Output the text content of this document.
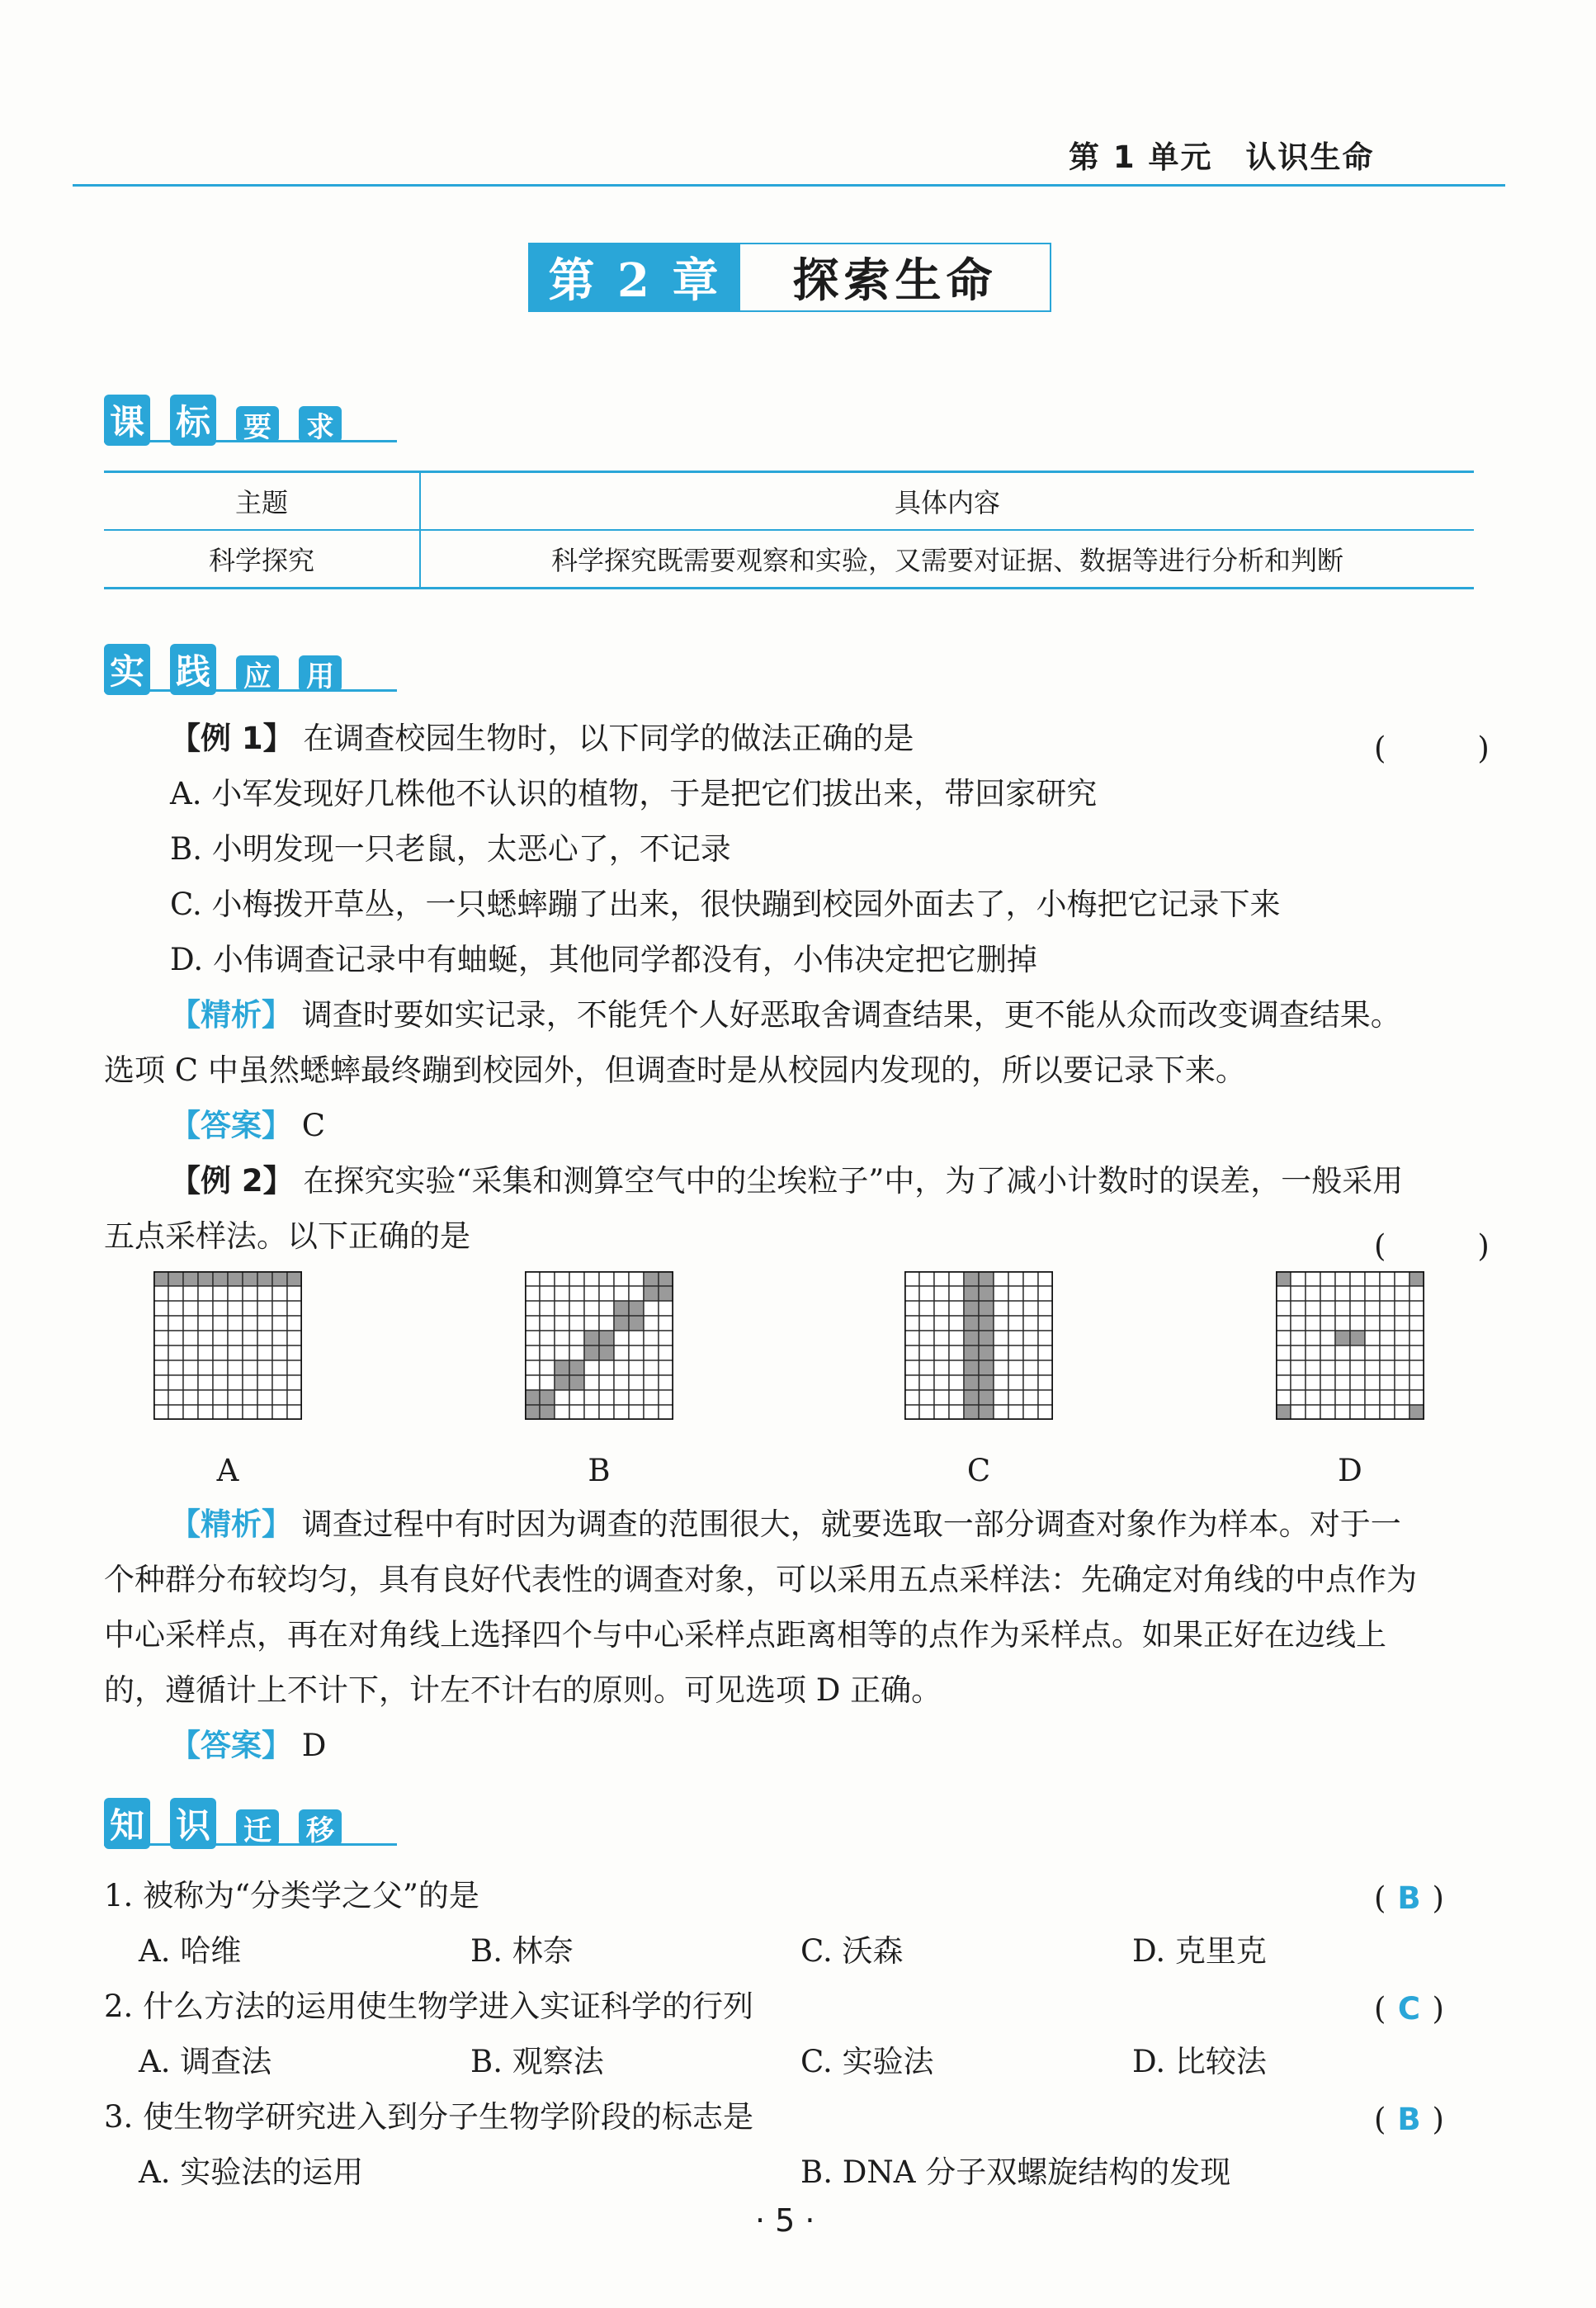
第 1 单元 认识生命
第 2 章	探索生命
课 标 要 求
主题	具体内容
科学探究	科学探究既需要观察和实验，又需要对证据、数据等进行分析和判断
实 践 应 用
【例 1】 在调查校园生物时，以下同学的做法正确的是	(　　　)
A. 小军发现好几株他不认识的植物，于是把它们拔出来，带回家研究
B. 小明发现一只老鼠，太恶心了，不记录
C. 小梅拨开草丛，一只蟋蟀蹦了出来，很快蹦到校园外面去了，小梅把它记录下来
D. 小伟调查记录中有蚰蜒，其他同学都没有，小伟决定把它删掉
【精析】 调查时要如实记录，不能凭个人好恶取舍调查结果，更不能从众而改变调查结果。
选项 C 中虽然蟋蟀最终蹦到校园外，但调查时是从校园内发现的，所以要记录下来。
【答案】 C
【例 2】 在探究实验“采集和测算空气中的尘埃粒子”中，为了减小计数时的误差，一般采用
五点采样法。以下正确的是	(　　　)
A	B	C	D
【精析】 调查过程中有时因为调查的范围很大，就要选取一部分调查对象作为样本。对于一
个种群分布较均匀，具有良好代表性的调查对象，可以采用五点采样法：先确定对角线的中点作为
中心采样点，再在对角线上选择四个与中心采样点距离相等的点作为采样点。如果正好在边线上
的，遵循计上不计下，计左不计右的原则。可见选项 D 正确。
【答案】 D
知 识 迁 移
1. 被称为“分类学之父”的是	( B )
A. 哈维	B. 林奈	C. 沃森	D. 克里克
2. 什么方法的运用使生物学进入实证科学的行列	( C )
A. 调查法	B. 观察法	C. 实验法	D. 比较法
3. 使生物学研究进入到分子生物学阶段的标志是	( B )
A. 实验法的运用	B. DNA 分子双螺旋结构的发现
· 5 ·
